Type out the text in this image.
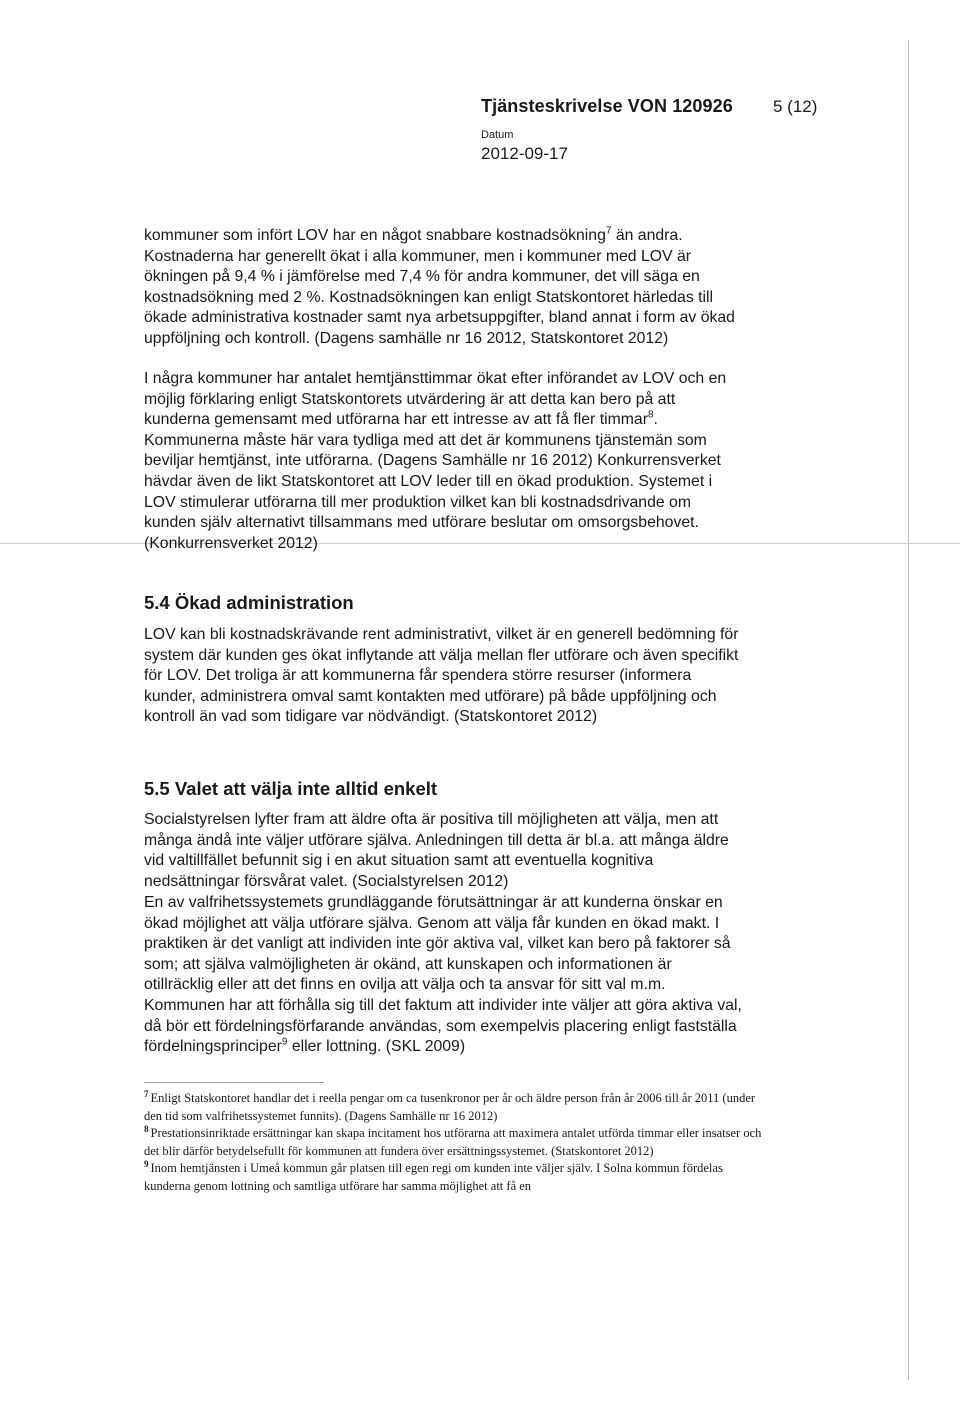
Tjänsteskrivelse VON 120926 5 (12)
Datum
2012-09-17

kommuner som infört LOV har en något snabbare kostnadsökning$^7$ än andra. Kostnaderna har generellt ökat i alla kommuner, men i kommuner med LOV är ökningen på 9,4 % i jämförelse med 7,4 % för andra kommuner, det vill säga en kostnadsökning med 2 %. Kostnadsökningen kan enligt Statskontoret härledas till ökade administrativa kostnader samt nya arbetsuppgifter, bland annat i form av ökad uppföljning och kontroll. (Dagens samhälle nr 16 2012, Statskontoret 2012)

I några kommuner har antalet hemtjänsttimmar ökat efter införandet av LOV och en möjlig förklaring enligt Statskontorets utvärdering är att detta kan bero på att kunderna gemensamt med utförarna har ett intresse av att få fler timmar$^8$. Kommunerna måste här vara tydliga med att det är kommunens tjänstemän som beviljar hemtjänst, inte utförarna. (Dagens Samhälle nr 16 2012) Konkurrensverket hävdar även de likt Statskontoret att LOV leder till en ökad produktion. Systemet i LOV stimulerar utförarna till mer produktion vilket kan bli kostnadsdrivande om kunden själv alternativt tillsammans med utförare beslutar om omsorgsbehovet. (Konkurrensverket 2012)

5.4 Ökad administration

LOV kan bli kostnadskrävande rent administrativt, vilket är en generell bedömning för system där kunden ges ökat inflytande att välja mellan fler utförare och även specifikt för LOV. Det troliga är att kommunerna får spendera större resurser (informera kunder, administrera omval samt kontakten med utförare) på både uppföljning och kontroll än vad som tidigare var nödvändigt. (Statskontoret 2012)

5.5 Valet att välja inte alltid enkelt

Socialstyrelsen lyfter fram att äldre ofta är positiva till möjligheten att välja, men att många ändå inte väljer utförare själva. Anledningen till detta är bl.a. att många äldre vid valtillfället befunnit sig i en akut situation samt att eventuella kognitiva nedsättningar försvårat valet. (Socialstyrelsen 2012)

En av valfrihetssystemets grundläggande förutsättningar är att kunderna önskar en ökad möjlighet att välja utförare själva. Genom att välja får kunden en ökad makt. I praktiken är det vanligt att individen inte gör aktiva val, vilket kan bero på faktorer så som; att själva valmöjligheten är okänd, att kunskapen och informationen är otillräcklig eller att det finns en ovilja att välja och ta ansvar för sitt val m.m. Kommunen har att förhålla sig till det faktum att individer inte väljer att göra aktiva val, då bör ett fördelningsförfarande användas, som exempelvis placering enligt fastställa fördelningsprinciper$^9$ eller lottning. (SKL 2009)

$^7$ Enligt Statskontoret handlar det i reella pengar om ca tusenkronor per år och äldre person från år 2006 till år 2011 (under den tid som valfrihetssystemet funnits). (Dagens Samhälle nr 16 2012)

$^8$ Prestationsinriktade ersättningar kan skapa incitament hos utförarna att maximera antalet utförda timmar eller insatser och det blir därför betydelsefullt för kommunen att fundera över ersättningssystemet. (Statskontoret 2012)

$^9$ Inom hemtjänsten i Umeå kommun går platsen till egen regi om kunden inte väljer själv. I Solna kommun fördelas kunderna genom lottning och samtliga utförare har samma möjlighet att få en
